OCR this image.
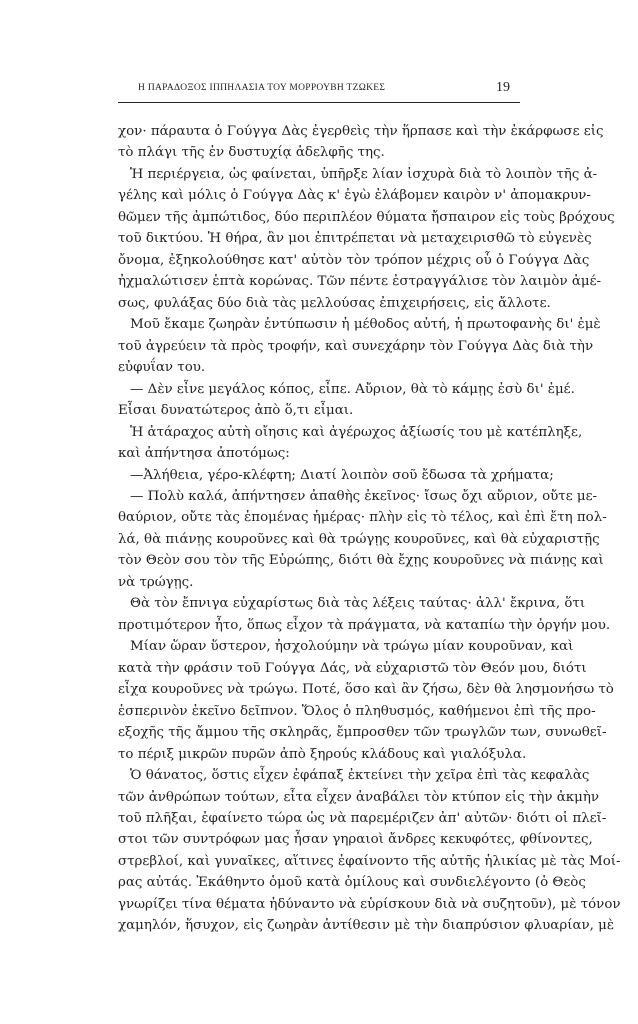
Η ΠΑΡΑΔΟΞΟΣ ΙΠΠΗΛΑΣΙΑ ΤΟΥ ΜΟΡΡΟΥΒΗ ΤΖΩΚΕΣ	19
χον· πάραυτα ὁ Γούγγα Δὰς ἐγερθεὶς τὴν ἥρπασε καὶ τὴν ἐκάρφωσε εἰς
τὸ πλάγι τῆς ἐν δυστυχίᾳ ἀδελφῆς της.
Ἡ περιέργεια, ὡς φαίνεται, ὑπῆρξε λίαν ἰσχυρὰ διὰ τὸ λοιπὸν τῆς ἀ-
γέλης καὶ μόλις ὁ Γούγγα Δὰς κ' ἐγὼ ἐλάβομεν καιρὸν ν' ἀπομακρυν-
θῶμεν τῆς ἀμπώτιδος, δύο περιπλέον θύματα ἤσπαιρον εἰς τοὺς βρόχους
τοῦ δικτύου. Ἡ θήρα, ἂν μοι ἐπιτρέπεται νὰ μεταχειρισθῶ τὸ εὐγενὲς
ὄνομα, ἐξηκολούθησε κατ' αὐτὸν τὸν τρόπον μέχρις οὗ ὁ Γούγγα Δὰς
ἠχμαλώτισεν ἑπτὰ κορώνας. Τῶν πέντε ἐστραγγάλισε τὸν λαιμὸν ἀμέ-
σως, φυλάξας δύο διὰ τὰς μελλούσας ἐπιχειρήσεις, εἰς ἄλλοτε.
Μοῦ ἔκαμε ζωηρὰν ἐντύπωσιν ἡ μέθοδος αὐτή, ἡ πρωτοφανὴς δι' ἐμὲ
τοῦ ἀγρεύειν τὰ πρὸς τροφήν, καὶ συνεχάρην τὸν Γούγγα Δὰς διὰ τὴν
εὐφυΐαν του.
— Δὲν εἶνε μεγάλος κόπος, εἶπε. Αὔριον, θὰ τὸ κάμῃς ἐσὺ δι' ἐμέ.
Εἶσαι δυνατώτερος ἀπὸ ὅ,τι εἶμαι.
Ἡ ἀτάραχος αὐτὴ οἴησις καὶ ἀγέρωχος ἀξίωσίς του μὲ κατέπληξε,
καὶ ἀπήντησα ἀποτόμως:
—Ἀλήθεια, γέρο-κλέφτη; Διατί λοιπὸν σοῦ ἔδωσα τὰ χρήματα;
— Πολὺ καλά, ἀπήντησεν ἀπαθὴς ἐκεῖνος· ἴσως ὄχι αὔριον, οὔτε με-
θαύριον, οὔτε τὰς ἑπομένας ἡμέρας· πλὴν εἰς τὸ τέλος, καὶ ἐπὶ ἔτη πολ-
λά, θὰ πιάνῃς κουροῦνες καὶ θὰ τρώγῃς κουροῦνες, καὶ θὰ εὐχαριστῇς
τὸν Θεὸν σου τὸν τῆς Εὐρώπης, διότι θὰ ἔχῃς κουροῦνες νὰ πιάνῃς καὶ
νὰ τρώγῃς.
Θὰ τὸν ἔπνιγα εὐχαρίστως διὰ τὰς λέξεις ταύτας· ἀλλ' ἔκρινα, ὅτι
προτιμότερον ἦτο, ὅπως εἶχον τὰ πράγματα, νὰ καταπίω τὴν ὀργήν μου.
Μίαν ὥραν ὕστερον, ἠσχολούμην νὰ τρώγω μίαν κουροῦναν, καὶ
κατὰ τὴν φράσιν τοῦ Γούγγα Δάς, νὰ εὐχαριστῶ τὸν Θεόν μου, διότι
εἶχα κουροῦνες νὰ τρώγω. Ποτέ, ὅσο καὶ ἂν ζήσω, δὲν θὰ λησμονήσω τὸ
ἑσπερινὸν ἐκεῖνο δεῖπνον. Ὅλος ὁ πληθυσμός, καθήμενοι ἐπὶ τῆς προ-
εξοχῆς τῆς ἄμμου τῆς σκληρᾶς, ἔμπροσθεν τῶν τρωγλῶν των, συνωθεῖ-
το πέριξ μικρῶν πυρῶν ἀπὸ ξηρούς κλάδους καὶ γιαλόξυλα.
Ὁ θάνατος, ὅστις εἶχεν ἐφάπαξ ἐκτείνει τὴν χεῖρα ἐπὶ τὰς κεφαλὰς
τῶν ἀνθρώπων τούτων, εἶτα εἶχεν ἀναβάλει τὸν κτύπον εἰς τὴν ἀκμὴν
τοῦ πλῆξαι, ἐφαίνετο τώρα ὡς νὰ παρεμέριζεν ἀπ' αὐτῶν· διότι οἱ πλεῖ-
στοι τῶν συντρόφων μας ἦσαν γηραιοὶ ἄνδρες κεκυφότες, φθίνοντες,
στρεβλοί, καὶ γυναῖκες, αἵτινες ἐφαίνοντο τῆς αὐτῆς ἡλικίας μὲ τὰς Μοί-
ρας αὐτάς. Ἐκάθηντο ὁμοῦ κατὰ ὁμίλους καὶ συνδιελέγοντο (ὁ Θεὸς
γνωρίζει τίνα θέματα ἠδύναντο νὰ εὑρίσκουν διὰ νὰ συζητοῦν), μὲ τόνον
χαμηλόν, ἥσυχον, εἰς ζωηρὰν ἀντίθεσιν μὲ τὴν διαπρύσιον φλυαρίαν, μὲ
